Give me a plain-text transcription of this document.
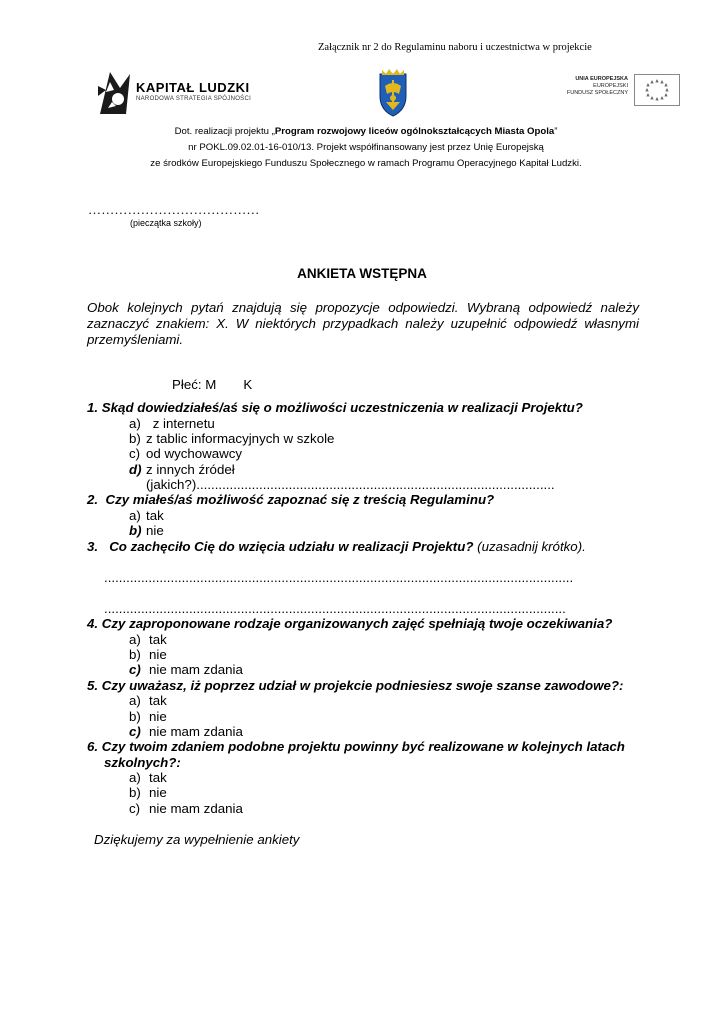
Załącznik nr 2 do Regulaminu naboru i uczestnictwa w projekcie
KAPITAŁ LUDZKI
NARODOWA STRATEGIA SPÓJNOŚCI
UNIA EUROPEJSKA
EUROPEJSKI
FUNDUSZ SPOŁECZNY
Dot. realizacji projektu „Program rozwojowy liceów ogólnokształcących Miasta Opola”
nr POKL.09.02.01-16-010/13. Projekt współfinansowany jest przez Unię Europejską
ze środków Europejskiego Funduszu Społecznego w ramach Programu Operacyjnego Kapitał Ludzki.
…………………………………
(pieczątka szkoły)
ANKIETA WSTĘPNA
Obok kolejnych pytań znajdują się propozycje odpowiedzi. Wybraną odpowiedź należy zaznaczyć znakiem: X. W niektórych przypadkach należy uzupełnić odpowiedź własnymi przemyśleniami.
Płeć: M K
1. Skąd dowiedziałeś/aś się o możliwości uczestniczenia w realizacji Projektu?
a) z internetu
b) z tablic informacyjnych w szkole
c) od wychowawcy
d) z innych źródeł
(jakich?).................................................................................................
2. Czy miałeś/aś możliwość zapoznać się z treścią Regulaminu?
a) tak
b) nie
3. Co zachęciło Cię do wzięcia udziału w realizacji Projektu? (uzasadnij krótko).
...............................................................................................................................
.............................................................................................................................
4. Czy zaproponowane rodzaje organizowanych zajęć spełniają twoje oczekiwania?
a) tak
b) nie
c) nie mam zdania
5. Czy uważasz, iż poprzez udział w projekcie podniesiesz swoje szanse zawodowe?:
a) tak
b) nie
c) nie mam zdania
6. Czy twoim zdaniem podobne projektu powinny być realizowane w kolejnych latach
szkolnych?:
a) tak
b) nie
c) nie mam zdania
Dziękujemy za wypełnienie ankiety
